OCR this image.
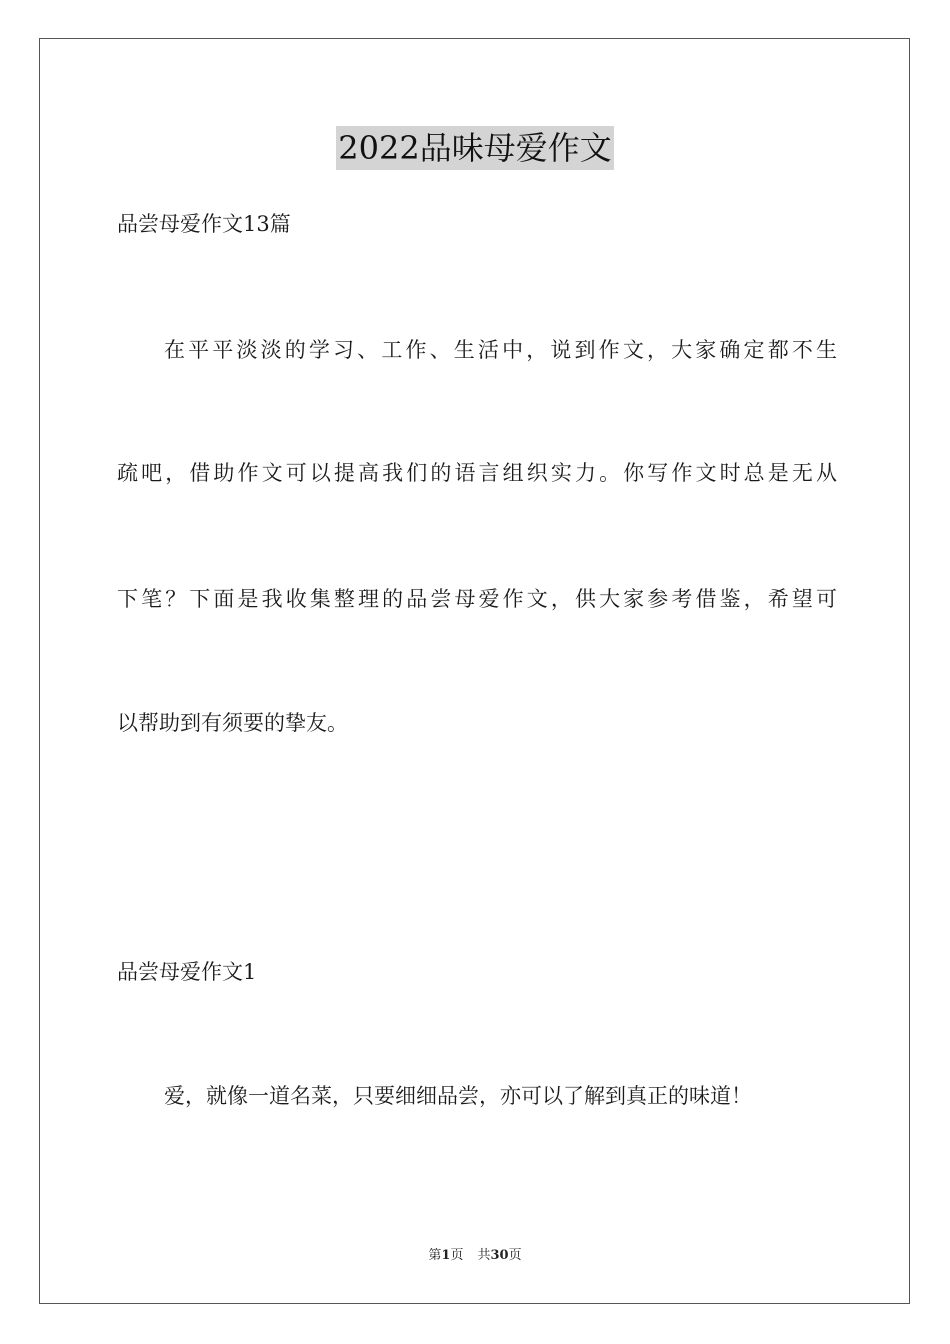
2022品味母爱作文
品尝母爱作文13篇
在平平淡淡的学习、工作、生活中，说到作文，大家确定都不生
疏吧，借助作文可以提高我们的语言组织实力。你写作文时总是无从
下笔？下面是我收集整理的品尝母爱作文，供大家参考借鉴，希望可
以帮助到有须要的挚友。
品尝母爱作文1
爱，就像一道名菜，只要细细品尝，亦可以了解到真正的味道！
第1页 共30页
